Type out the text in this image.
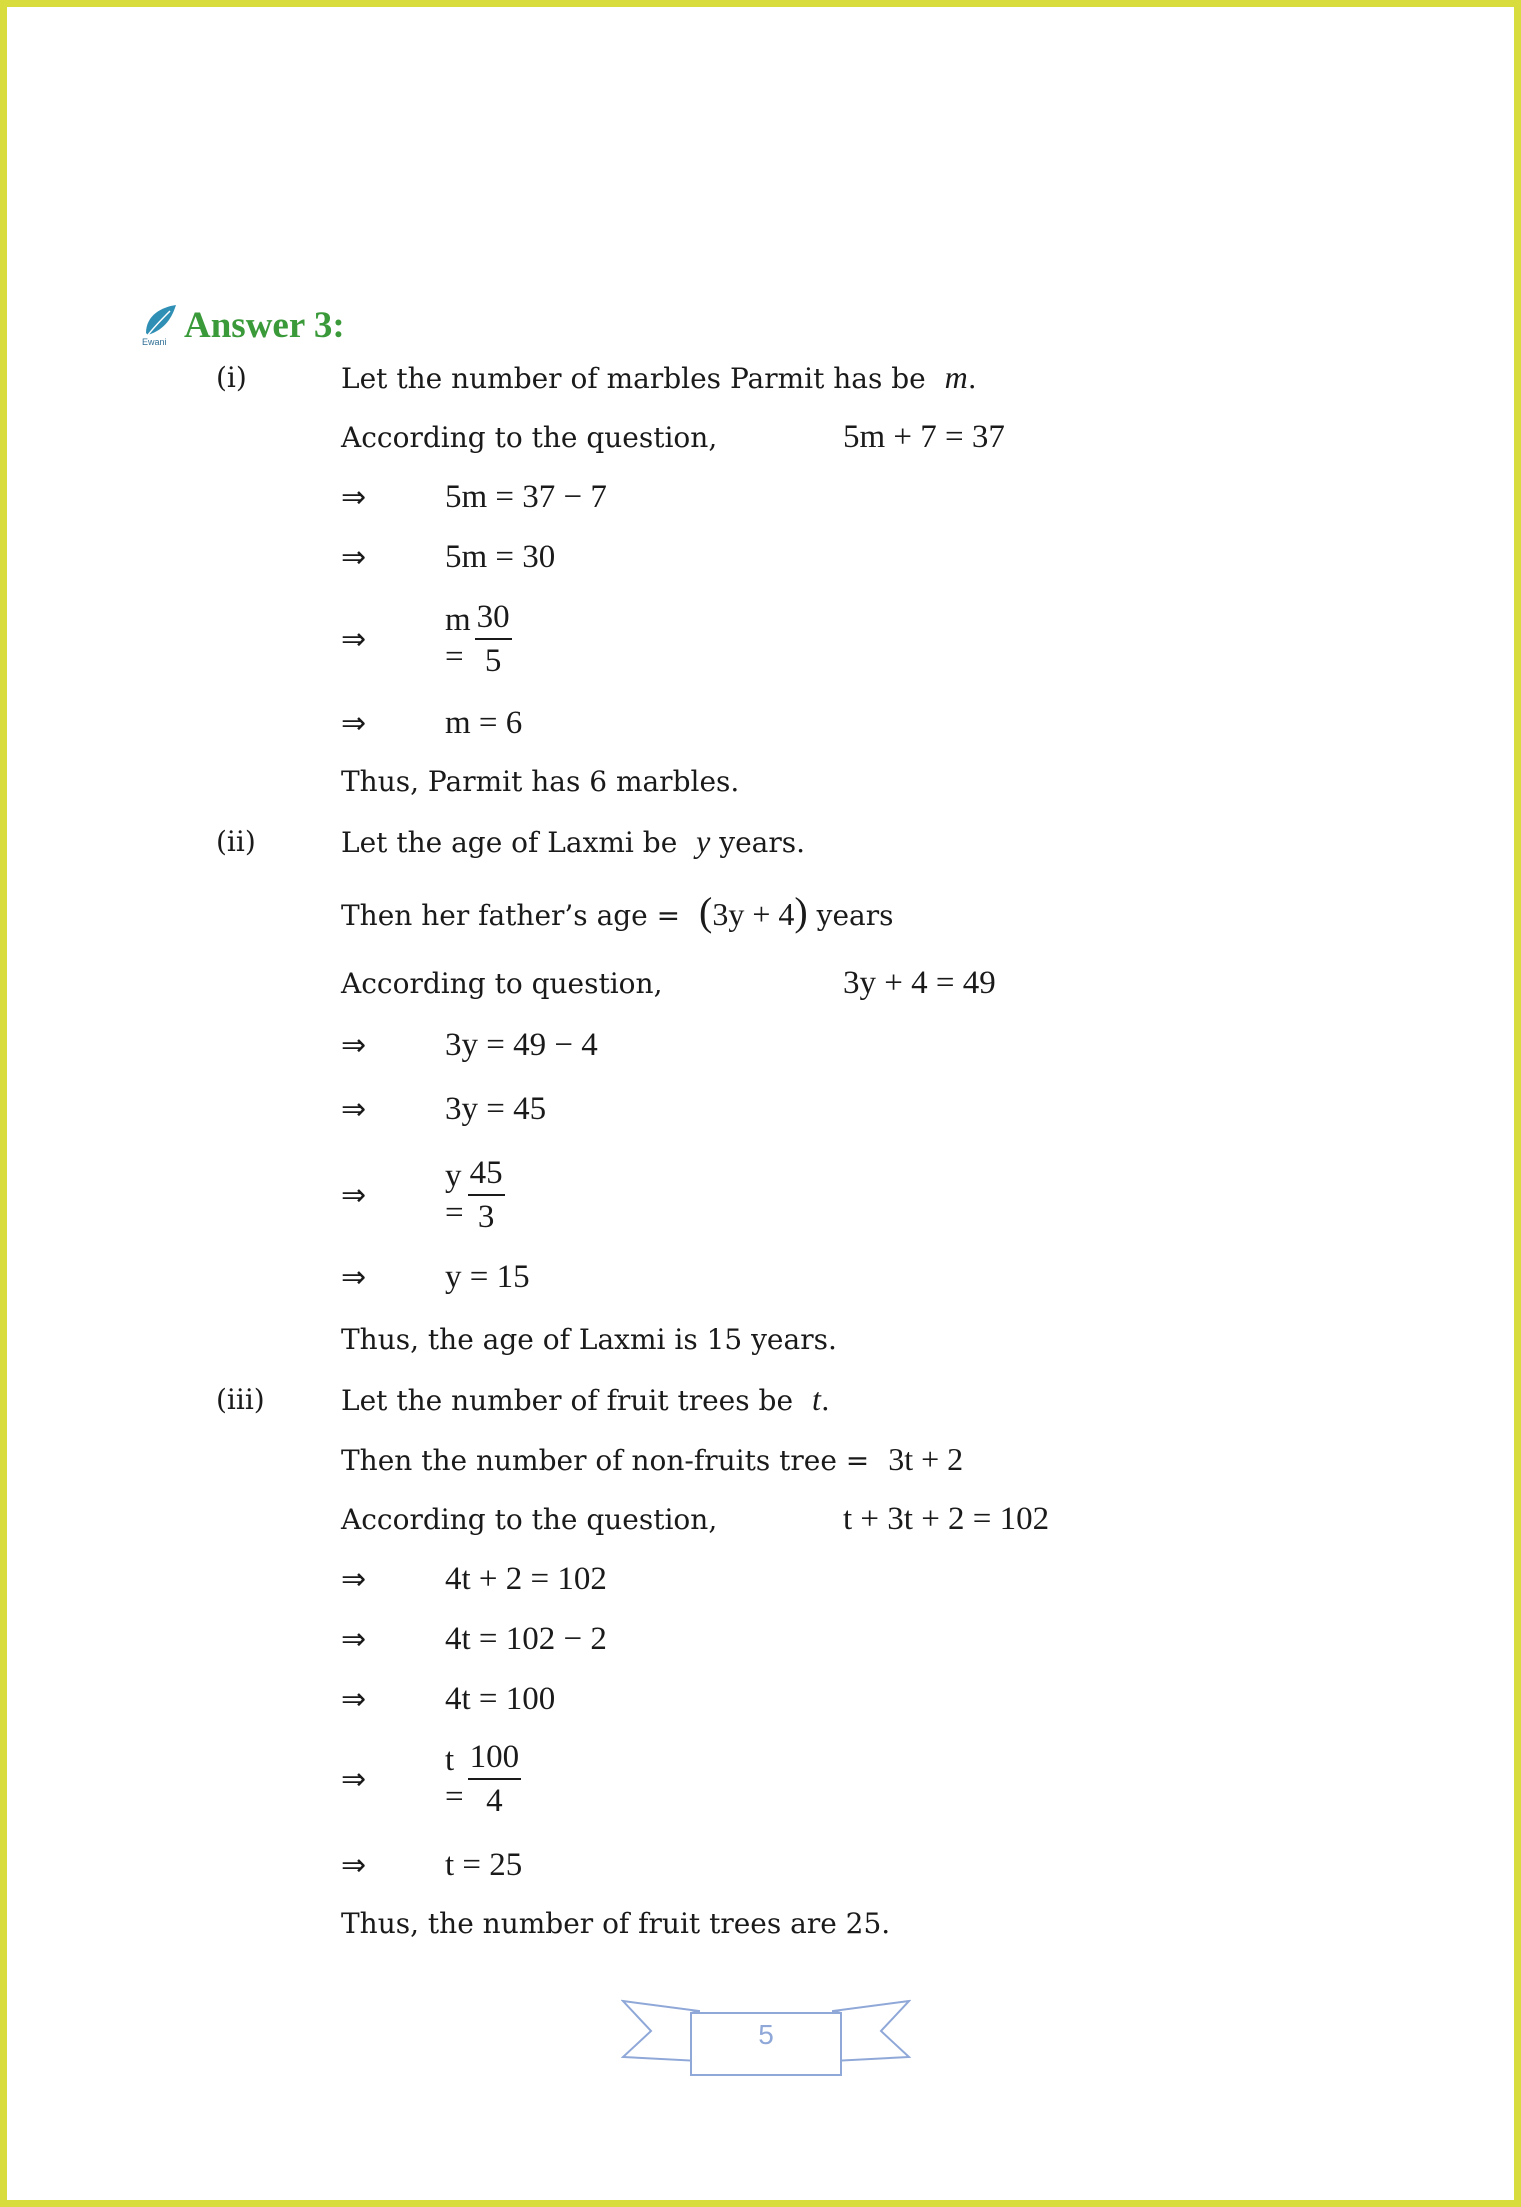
Ewani Answer 3:
(i)	Let the number of marbles Parmit has be m.
According to the question,	5m + 7 = 37
⇒ 5m = 37 − 7
⇒ 5m = 30
⇒
$m = \frac{30}{5}$
⇒ m = 6
Thus, Parmit has 6 marbles.
(ii)	Let the age of Laxmi be y years.
Then her father’s age = (3y + 4) years
According to question,	3y + 4 = 49
⇒ 3y = 49 − 4
⇒ 3y = 45
⇒
$y = \frac{45}{3}$
⇒ y = 15
Thus, the age of Laxmi is 15 years.
(iii)	Let the number of fruit trees be t.
Then the number of non-fruits tree = 3t + 2
According to the question,	t + 3t + 2 = 102
⇒ 4t + 2 = 102
⇒ 4t = 102 − 2
⇒ 4t = 100
⇒
$t = \frac{100}{4}$
⇒ t = 25
Thus, the number of fruit trees are 25.
5
